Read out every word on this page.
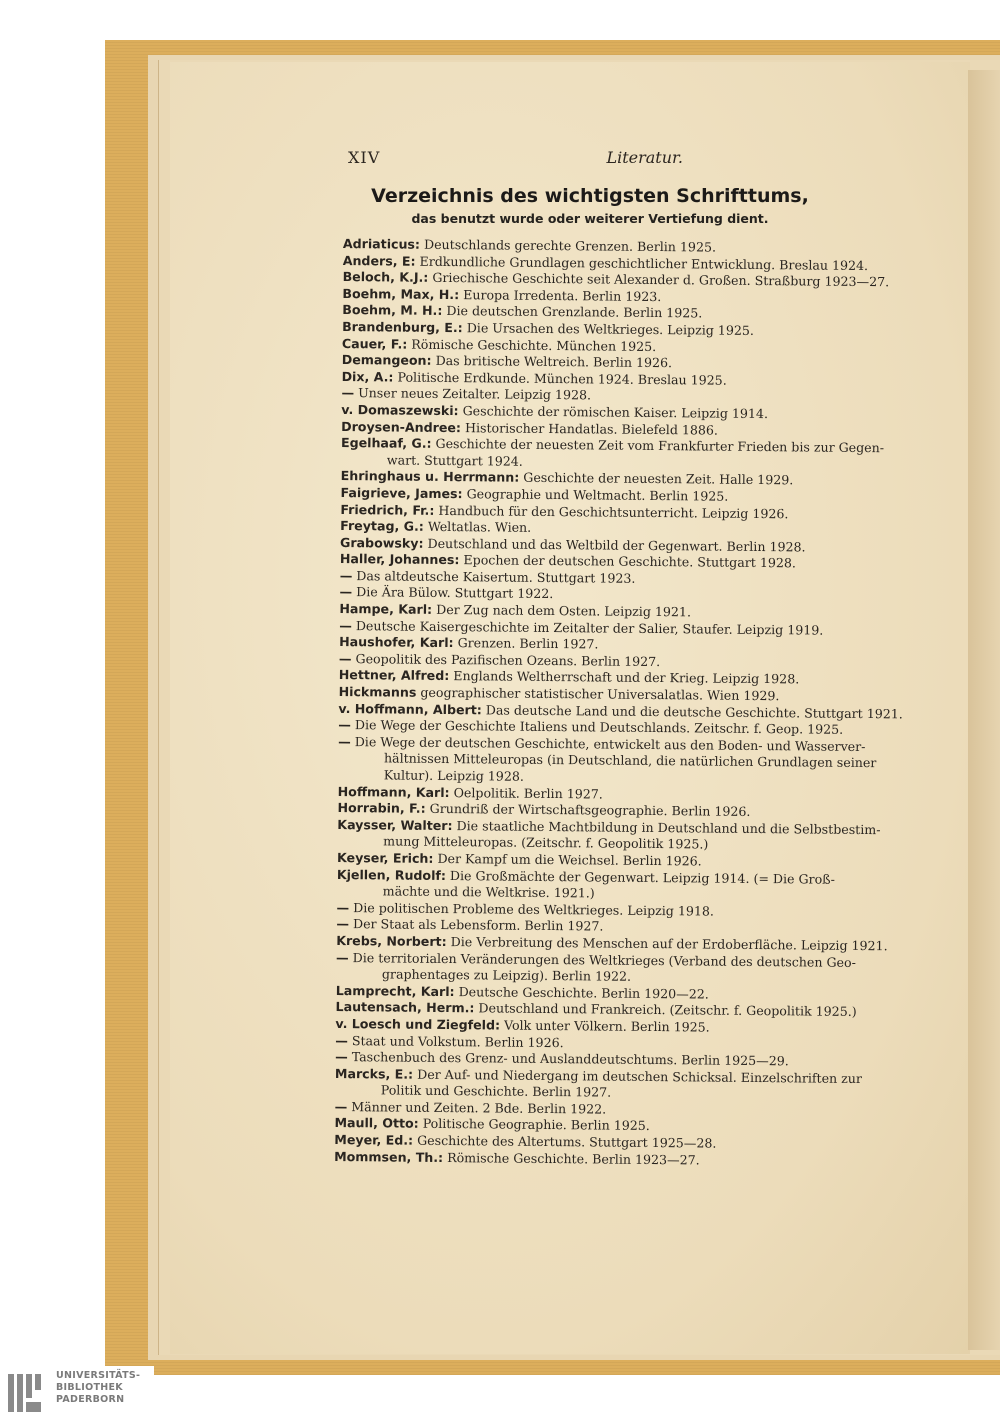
XIV	Literatur.
Verzeichnis des wichtigsten Schrifttums,
das benutzt wurde oder weiterer Vertiefung dient.
Adriaticus: Deutschlands gerechte Grenzen. Berlin 1925.
Anders, E: Erdkundliche Grundlagen geschichtlicher Entwicklung. Breslau 1924.
Beloch, K.J.: Griechische Geschichte seit Alexander d. Großen. Straßburg 1923—27.
Boehm, Max, H.: Europa Irredenta. Berlin 1923.
Boehm, M. H.: Die deutschen Grenzlande. Berlin 1925.
Brandenburg, E.: Die Ursachen des Weltkrieges. Leipzig 1925.
Cauer, F.: Römische Geschichte. München 1925.
Demangeon: Das britische Weltreich. Berlin 1926.
Dix, A.: Politische Erdkunde. München 1924. Breslau 1925.
— Unser neues Zeitalter. Leipzig 1928.
v. Domaszewski: Geschichte der römischen Kaiser. Leipzig 1914.
Droysen-Andree: Historischer Handatlas. Bielefeld 1886.
Egelhaaf, G.: Geschichte der neuesten Zeit vom Frankfurter Frieden bis zur Gegen-
wart. Stuttgart 1924.
Ehringhaus u. Herrmann: Geschichte der neuesten Zeit. Halle 1929.
Faigrieve, James: Geographie und Weltmacht. Berlin 1925.
Friedrich, Fr.: Handbuch für den Geschichtsunterricht. Leipzig 1926.
Freytag, G.: Weltatlas. Wien.
Grabowsky: Deutschland und das Weltbild der Gegenwart. Berlin 1928.
Haller, Johannes: Epochen der deutschen Geschichte. Stuttgart 1928.
— Das altdeutsche Kaisertum. Stuttgart 1923.
— Die Ära Bülow. Stuttgart 1922.
Hampe, Karl: Der Zug nach dem Osten. Leipzig 1921.
— Deutsche Kaisergeschichte im Zeitalter der Salier, Staufer. Leipzig 1919.
Haushofer, Karl: Grenzen. Berlin 1927.
— Geopolitik des Pazifischen Ozeans. Berlin 1927.
Hettner, Alfred: Englands Weltherrschaft und der Krieg. Leipzig 1928.
Hickmanns geographischer statistischer Universalatlas. Wien 1929.
v. Hoffmann, Albert: Das deutsche Land und die deutsche Geschichte. Stuttgart 1921.
— Die Wege der Geschichte Italiens und Deutschlands. Zeitschr. f. Geop. 1925.
— Die Wege der deutschen Geschichte, entwickelt aus den Boden- und Wasserver-
hältnissen Mitteleuropas (in Deutschland, die natürlichen Grundlagen seiner
Kultur). Leipzig 1928.
Hoffmann, Karl: Oelpolitik. Berlin 1927.
Horrabin, F.: Grundriß der Wirtschaftsgeographie. Berlin 1926.
Kaysser, Walter: Die staatliche Machtbildung in Deutschland und die Selbstbestim-
mung Mitteleuropas. (Zeitschr. f. Geopolitik 1925.)
Keyser, Erich: Der Kampf um die Weichsel. Berlin 1926.
Kjellen, Rudolf: Die Großmächte der Gegenwart. Leipzig 1914. (= Die Groß-
mächte und die Weltkrise. 1921.)
— Die politischen Probleme des Weltkrieges. Leipzig 1918.
— Der Staat als Lebensform. Berlin 1927.
Krebs, Norbert: Die Verbreitung des Menschen auf der Erdoberfläche. Leipzig 1921.
— Die territorialen Veränderungen des Weltkrieges (Verband des deutschen Geo-
graphentages zu Leipzig). Berlin 1922.
Lamprecht, Karl: Deutsche Geschichte. Berlin 1920—22.
Lautensach, Herm.: Deutschland und Frankreich. (Zeitschr. f. Geopolitik 1925.)
v. Loesch und Ziegfeld: Volk unter Völkern. Berlin 1925.
— Staat und Volkstum. Berlin 1926.
— Taschenbuch des Grenz- und Auslanddeutschtums. Berlin 1925—29.
Marcks, E.: Der Auf- und Niedergang im deutschen Schicksal. Einzelschriften zur
Politik und Geschichte. Berlin 1927.
— Männer und Zeiten. 2 Bde. Berlin 1922.
Maull, Otto: Politische Geographie. Berlin 1925.
Meyer, Ed.: Geschichte des Altertums. Stuttgart 1925—28.
Mommsen, Th.: Römische Geschichte. Berlin 1923—27.
UNIVERSITÄTS-
BIBLIOTHEK
PADERBORN
